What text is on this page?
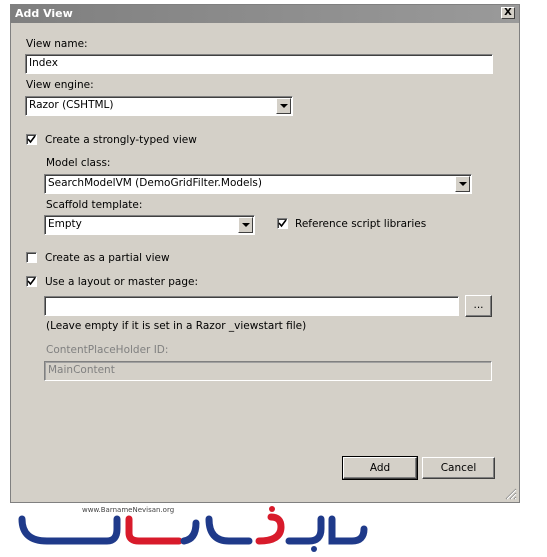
Add View	X
View name:
Index
View engine:
Razor (CSHTML)
Create a strongly-typed view
Model class:
SearchModelVM (DemoGridFilter.Models)
Scaffold template:
Empty	Reference script libraries
Create as a partial view
Use a layout or master page:
...
(Leave empty if it is set in a Razor _viewstart file)
ContentPlaceHolder ID:
MainContent
Add	Cancel
www.BarnameNevisan.org
